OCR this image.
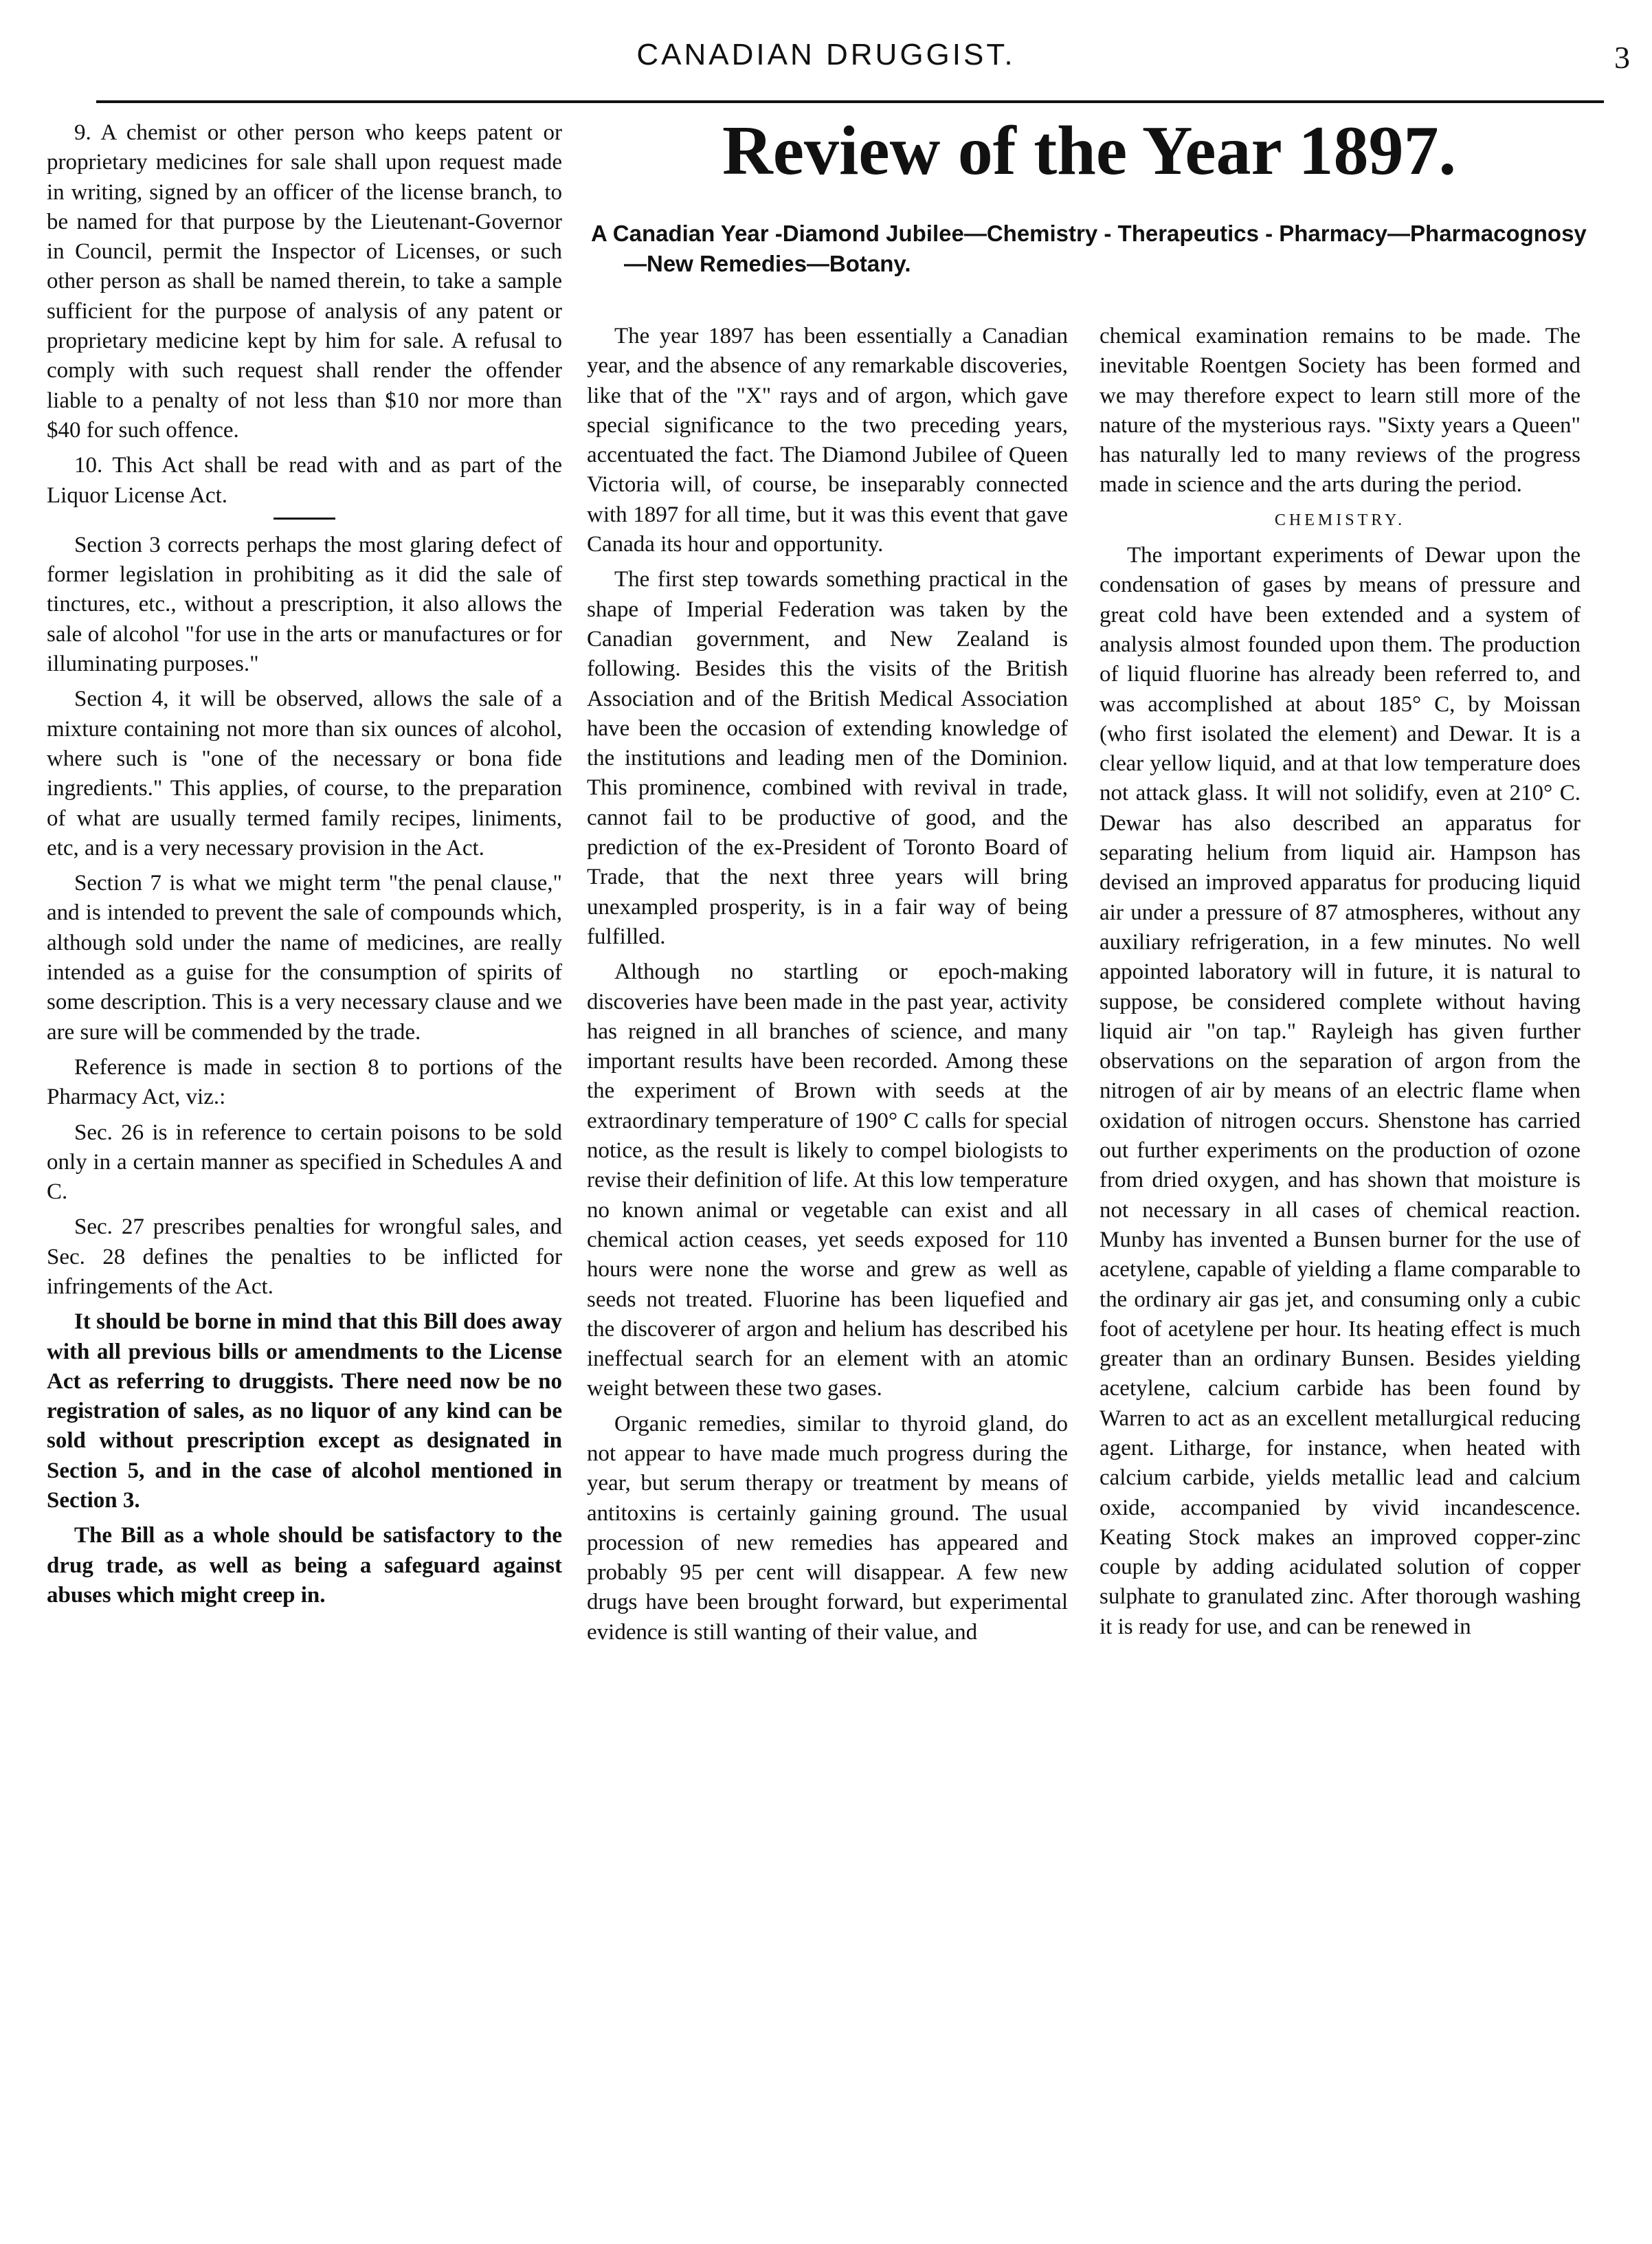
CANADIAN DRUGGIST.	3

9. A chemist or other person who keeps patent or proprietary medicines for sale shall upon request made in writing, signed by an officer of the license branch, to be named for that purpose by the Lieutenant-Governor in Council, permit the Inspector of Licenses, or such other person as shall be named therein, to take a sample sufficient for the purpose of analysis of any patent or proprietary medicine kept by him for sale. A refusal to comply with such request shall render the offender liable to a penalty of not less than $10 nor more than $40 for such offence.

10. This Act shall be read with and as part of the Liquor License Act.

Section 3 corrects perhaps the most glaring defect of former legislation in prohibiting as it did the sale of tinctures, etc., without a prescription, it also allows the sale of alcohol "for use in the arts or manufactures or for illuminating purposes."

Section 4, it will be observed, allows the sale of a mixture containing not more than six ounces of alcohol, where such is "one of the necessary or bona fide ingredients." This applies, of course, to the preparation of what are usually termed family recipes, liniments, etc, and is a very necessary provision in the Act.

Section 7 is what we might term "the penal clause," and is intended to prevent the sale of compounds which, although sold under the name of medicines, are really intended as a guise for the consumption of spirits of some description. This is a very necessary clause and we are sure will be commended by the trade.

Reference is made in section 8 to portions of the Pharmacy Act, viz.:

Sec. 26 is in reference to certain poisons to be sold only in a certain manner as specified in Schedules A and C.

Sec. 27 prescribes penalties for wrongful sales, and Sec. 28 defines the penalties to be inflicted for infringements of the Act.

It should be borne in mind that this Bill does away with all previous bills or amendments to the License Act as referring to druggists. There need now be no registration of sales, as no liquor of any kind can be sold without prescription except as designated in Section 5, and in the case of alcohol mentioned in Section 3.

The Bill as a whole should be satisfactory to the drug trade, as well as being a safeguard against abuses which might creep in.

Review of the Year 1897.
A Canadian Year -Diamond Jubilee—Chemistry - Therapeutics - Pharmacy—Pharmacognosy—New Remedies—Botany.

The year 1897 has been essentially a Canadian year, and the absence of any remarkable discoveries, like that of the "X" rays and of argon, which gave special significance to the two preceding years, accentuated the fact. The Diamond Jubilee of Queen Victoria will, of course, be inseparably connected with 1897 for all time, but it was this event that gave Canada its hour and opportunity.

The first step towards something practical in the shape of Imperial Federation was taken by the Canadian government, and New Zealand is following. Besides this the visits of the British Association and of the British Medical Association have been the occasion of extending knowledge of the institutions and leading men of the Dominion. This prominence, combined with revival in trade, cannot fail to be productive of good, and the prediction of the ex-President of Toronto Board of Trade, that the next three years will bring unexampled prosperity, is in a fair way of being fulfilled.

Although no startling or epoch-making discoveries have been made in the past year, activity has reigned in all branches of science, and many important results have been recorded. Among these the experiment of Brown with seeds at the extraordinary temperature of 190° C calls for special notice, as the result is likely to compel biologists to revise their definition of life. At this low temperature no known animal or vegetable can exist and all chemical action ceases, yet seeds exposed for 110 hours were none the worse and grew as well as seeds not treated. Fluorine has been liquefied and the discoverer of argon and helium has described his ineffectual search for an element with an atomic weight between these two gases.

Organic remedies, similar to thyroid gland, do not appear to have made much progress during the year, but serum therapy or treatment by means of antitoxins is certainly gaining ground. The usual procession of new remedies has appeared and probably 95 per cent will disappear. A few new drugs have been brought forward, but experimental evidence is still wanting of their value, and

chemical examination remains to be made. The inevitable Roentgen Society has been formed and we may therefore expect to learn still more of the nature of the mysterious rays. "Sixty years a Queen" has naturally led to many reviews of the progress made in science and the arts during the period.

CHEMISTRY.

The important experiments of Dewar upon the condensation of gases by means of pressure and great cold have been extended and a system of analysis almost founded upon them. The production of liquid fluorine has already been referred to, and was accomplished at about 185° C, by Moissan (who first isolated the element) and Dewar. It is a clear yellow liquid, and at that low temperature does not attack glass. It will not solidify, even at 210° C. Dewar has also described an apparatus for separating helium from liquid air. Hampson has devised an improved apparatus for producing liquid air under a pressure of 87 atmospheres, without any auxiliary refrigeration, in a few minutes. No well appointed laboratory will in future, it is natural to suppose, be considered complete without having liquid air "on tap." Rayleigh has given further observations on the separation of argon from the nitrogen of air by means of an electric flame when oxidation of nitrogen occurs. Shenstone has carried out further experiments on the production of ozone from dried oxygen, and has shown that moisture is not necessary in all cases of chemical reaction. Munby has invented a Bunsen burner for the use of acetylene, capable of yielding a flame comparable to the ordinary air gas jet, and consuming only a cubic foot of acetylene per hour. Its heating effect is much greater than an ordinary Bunsen. Besides yielding acetylene, calcium carbide has been found by Warren to act as an excellent metallurgical reducing agent. Litharge, for instance, when heated with calcium carbide, yields metallic lead and calcium oxide, accompanied by vivid incandescence. Keating Stock makes an improved copper-zinc couple by adding acidulated solution of copper sulphate to granulated zinc. After thorough washing it is ready for use, and can be renewed in
